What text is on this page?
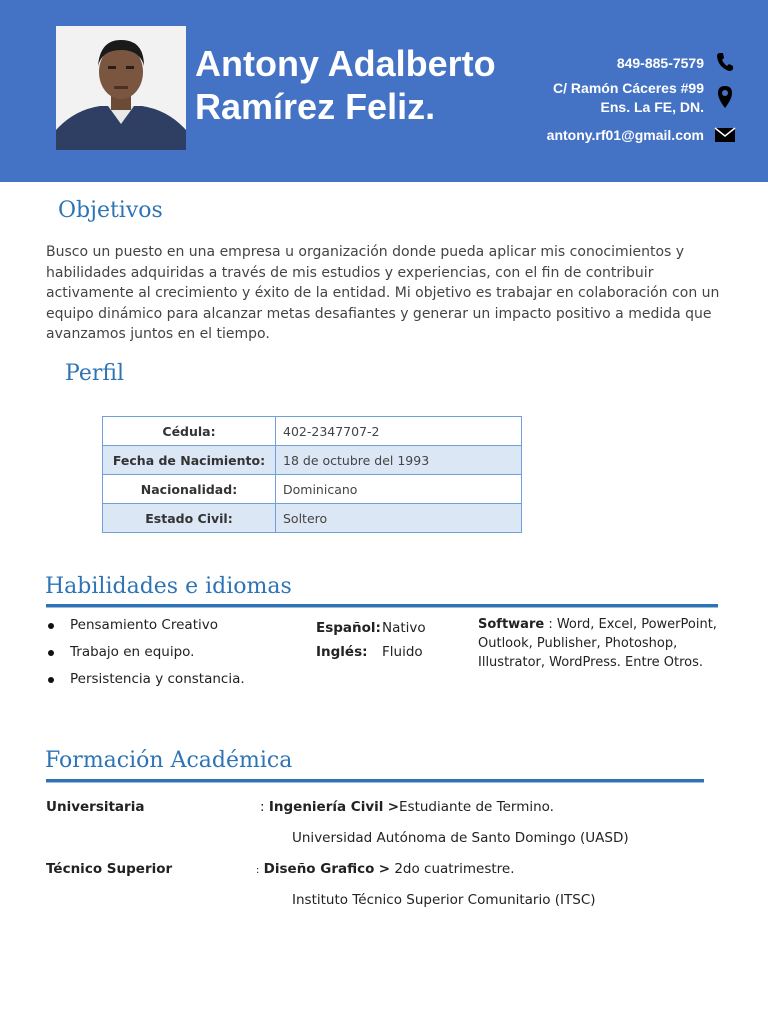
Antony Adalberto
Ramírez Feliz.
849-885-7579
C/ Ramón Cáceres #99
Ens. La FE, DN.
antony.rf01@gmail.com
Objetivos
Busco un puesto en una empresa u organización donde pueda aplicar mis conocimientos y habilidades adquiridas a través de mis estudios y experiencias, con el fin de contribuir activamente al crecimiento y éxito de la entidad. Mi objetivo es trabajar en colaboración con un equipo dinámico para alcanzar metas desafiantes y generar un impacto positivo a medida que avanzamos juntos en el tiempo.
Perfil
Cédula:	402-2347707-2
Fecha de Nacimiento:	18 de octubre del 1993
Nacionalidad:	Dominicano
Estado Civil:	Soltero
Habilidades e idiomas
Pensamiento Creativo
Trabajo en equipo.
Persistencia y constancia.
Español:Nativo
Inglés: Fluido
Software : Word, Excel, PowerPoint, Outlook, Publisher, Photoshop, Illustrator, WordPress. Entre Otros.
Formación Académica
Universitaria	: Ingeniería Civil >Estudiante de Termino.
Universidad Autónoma de Santo Domingo (UASD)
Técnico Superior	: Diseño Grafico > 2do cuatrimestre.
Instituto Técnico Superior Comunitario (ITSC)
